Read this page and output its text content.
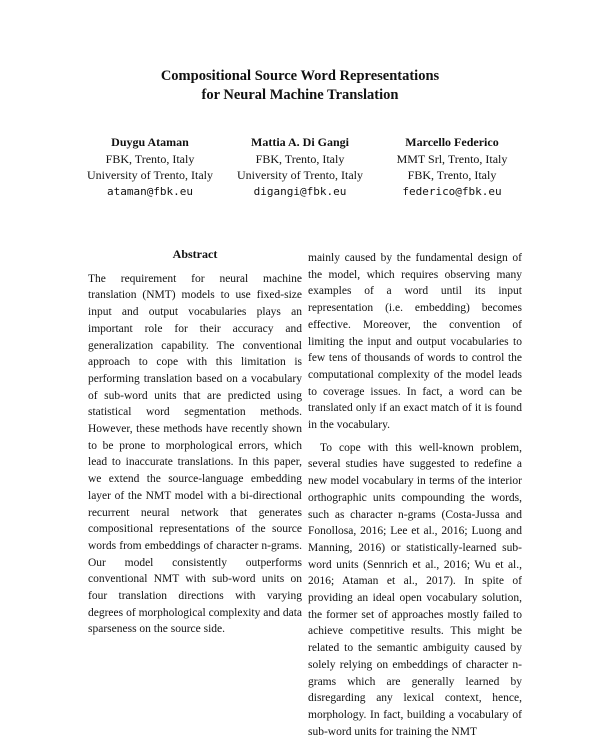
Compositional Source Word Representations
for Neural Machine Translation
Duygu Ataman
FBK, Trento, Italy
University of Trento, Italy
ataman@fbk.eu
Mattia A. Di Gangi
FBK, Trento, Italy
University of Trento, Italy
digangi@fbk.eu
Marcello Federico
MMT Srl, Trento, Italy
FBK, Trento, Italy
federico@fbk.eu
Abstract

The requirement for neural machine translation (NMT) models to use fixed-size input and output vocabularies plays an important role for their accuracy and generalization capability. The conventional approach to cope with this limitation is performing translation based on a vocabulary of sub-word units that are predicted using statistical word segmentation methods. However, these methods have recently shown to be prone to morphological errors, which lead to inaccurate translations. In this paper, we extend the source-language embedding layer of the NMT model with a bi-directional recurrent neural network that generates compositional representations of the source words from embeddings of character n-grams. Our model consistently outperforms conventional NMT with sub-word units on four translation directions with varying degrees of morphological complexity and data sparseness on the source side.

mainly caused by the fundamental design of the model, which requires observing many examples of a word until its input representation (i.e. embedding) becomes effective. Moreover, the convention of limiting the input and output vocabularies to few tens of thousands of words to control the computational complexity of the model leads to coverage issues. In fact, a word can be translated only if an exact match of it is found in the vocabulary.

To cope with this well-known problem, several studies have suggested to redefine a new model vocabulary in terms of the interior orthographic units compounding the words, such as character n-grams (Costa-Jussa and Fonollosa, 2016; Lee et al., 2016; Luong and Manning, 2016) or statistically-learned sub-word units (Sennrich et al., 2016; Wu et al., 2016; Ataman et al., 2017). In spite of providing an ideal open vocabulary solution, the former set of approaches mostly failed to achieve competitive results. This might be related to the semantic ambiguity caused by solely relying on embeddings of character n-grams which are generally learned by disregarding any lexical context, hence, morphology. In fact, building a vocabulary of sub-word units for training the NMT
